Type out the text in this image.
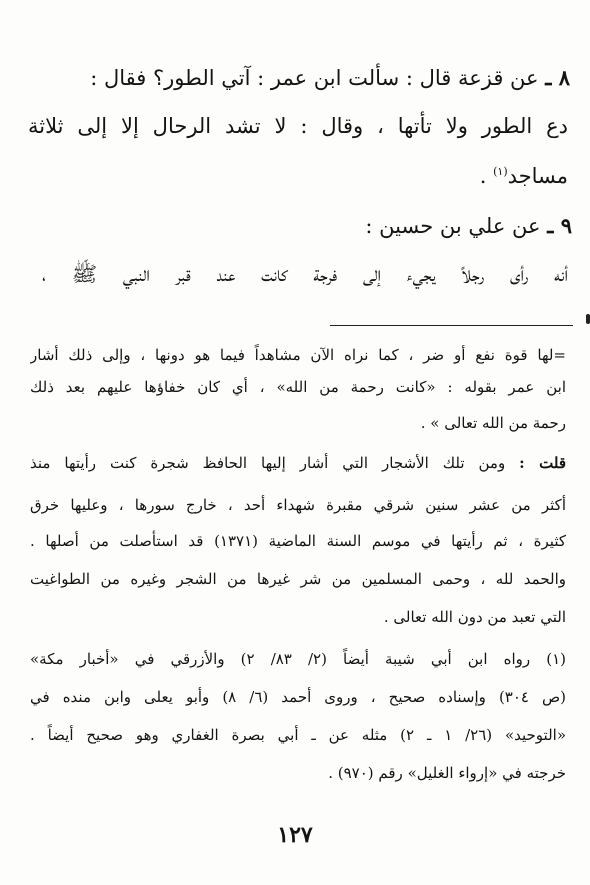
٨ ـ عن قزعة قال : سألت ابن عمر : آتي الطور؟ فقال :
دع الطور ولا تأتها ، وقال : لا تشد الرحال إلا إلى ثلاثة
مساجد$^{(١)}$ .
٩ ـ عن علي بن حسين :
أنه رأى رجلاً يجيء إلى فرجة كانت عند قبر النبي ﷺ ،
=لها قوة نفع أو ضر ، كما نراه الآن مشاهداً فيما هو دونها ، وإلى ذلك أشار
ابن عمر بقوله : «كانت رحمة من الله» ، أي كان خفاؤها عليهم بعد ذلك
رحمة من الله تعالى » .
قلت : ومن تلك الأشجار التي أشار إليها الحافظ شجرة كنت رأيتها منذ
أكثر من عشر سنين شرقي مقبرة شهداء أحد ، خارج سورها ، وعليها خرق
كثيرة ، ثم رأيتها في موسم السنة الماضية (١٣٧١) قد استأصلت من أصلها .
والحمد لله ، وحمى المسلمين من شر غيرها من الشجر وغيره من الطواغيت
التي تعبد من دون الله تعالى .
(١) رواه ابن أبي شيبة أيضاً (٢/ ٨٣/ ٢) والأزرقي في «أخبار مكة»
(ص ٣٠٤) وإسناده صحيح ، وروى أحمد (٦/ ٨) وأبو يعلى وابن منده في
«التوحيد» (٢٦/ ١ ـ ٢) مثله عن ـ أبي بصرة الغفاري وهو صحيح أيضاً .
خرجته في «إرواء الغليل» رقم (٩٧٠) .
١٢٧
